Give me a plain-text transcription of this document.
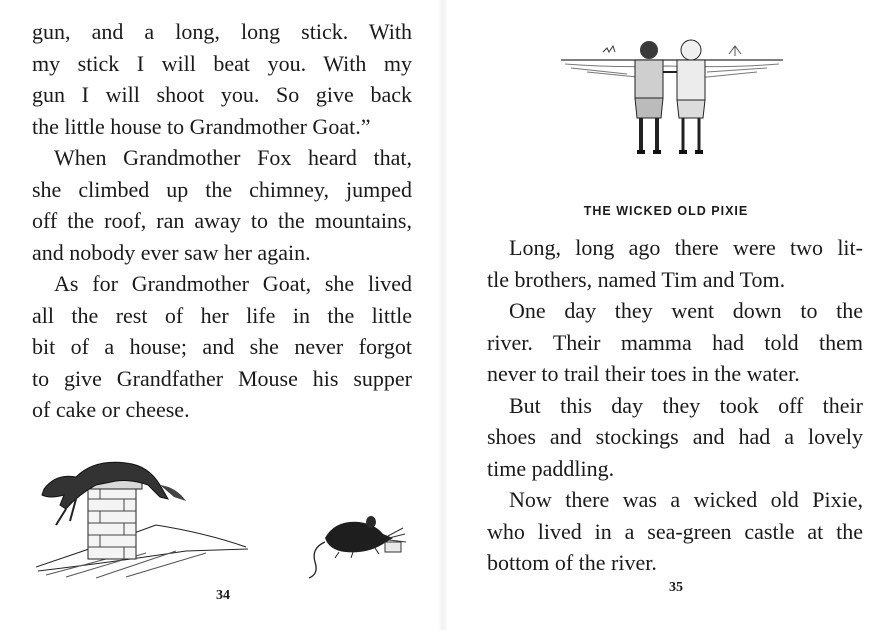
gun, and a long, long stick. With
my stick I will beat you. With my
gun I will shoot you. So give back
the little house to Grandmother Goat.”

When Grandmother Fox heard that,
she climbed up the chimney, jumped
off the roof, ran away to the mountains,
and nobody ever saw her again.

As for Grandmother Goat, she lived
all the rest of her life in the little
bit of a house; and she never forgot
to give Grandfather Mouse his supper
of cake or cheese.

34
THE WICKED OLD PIXIE

Long, long ago there were two lit-
tle brothers, named Tim and Tom.

One day they went down to the
river. Their mamma had told them
never to trail their toes in the water.

But this day they took off their
shoes and stockings and had a lovely
time paddling.

Now there was a wicked old Pixie,
who lived in a sea-green castle at the
bottom of the river.

35
